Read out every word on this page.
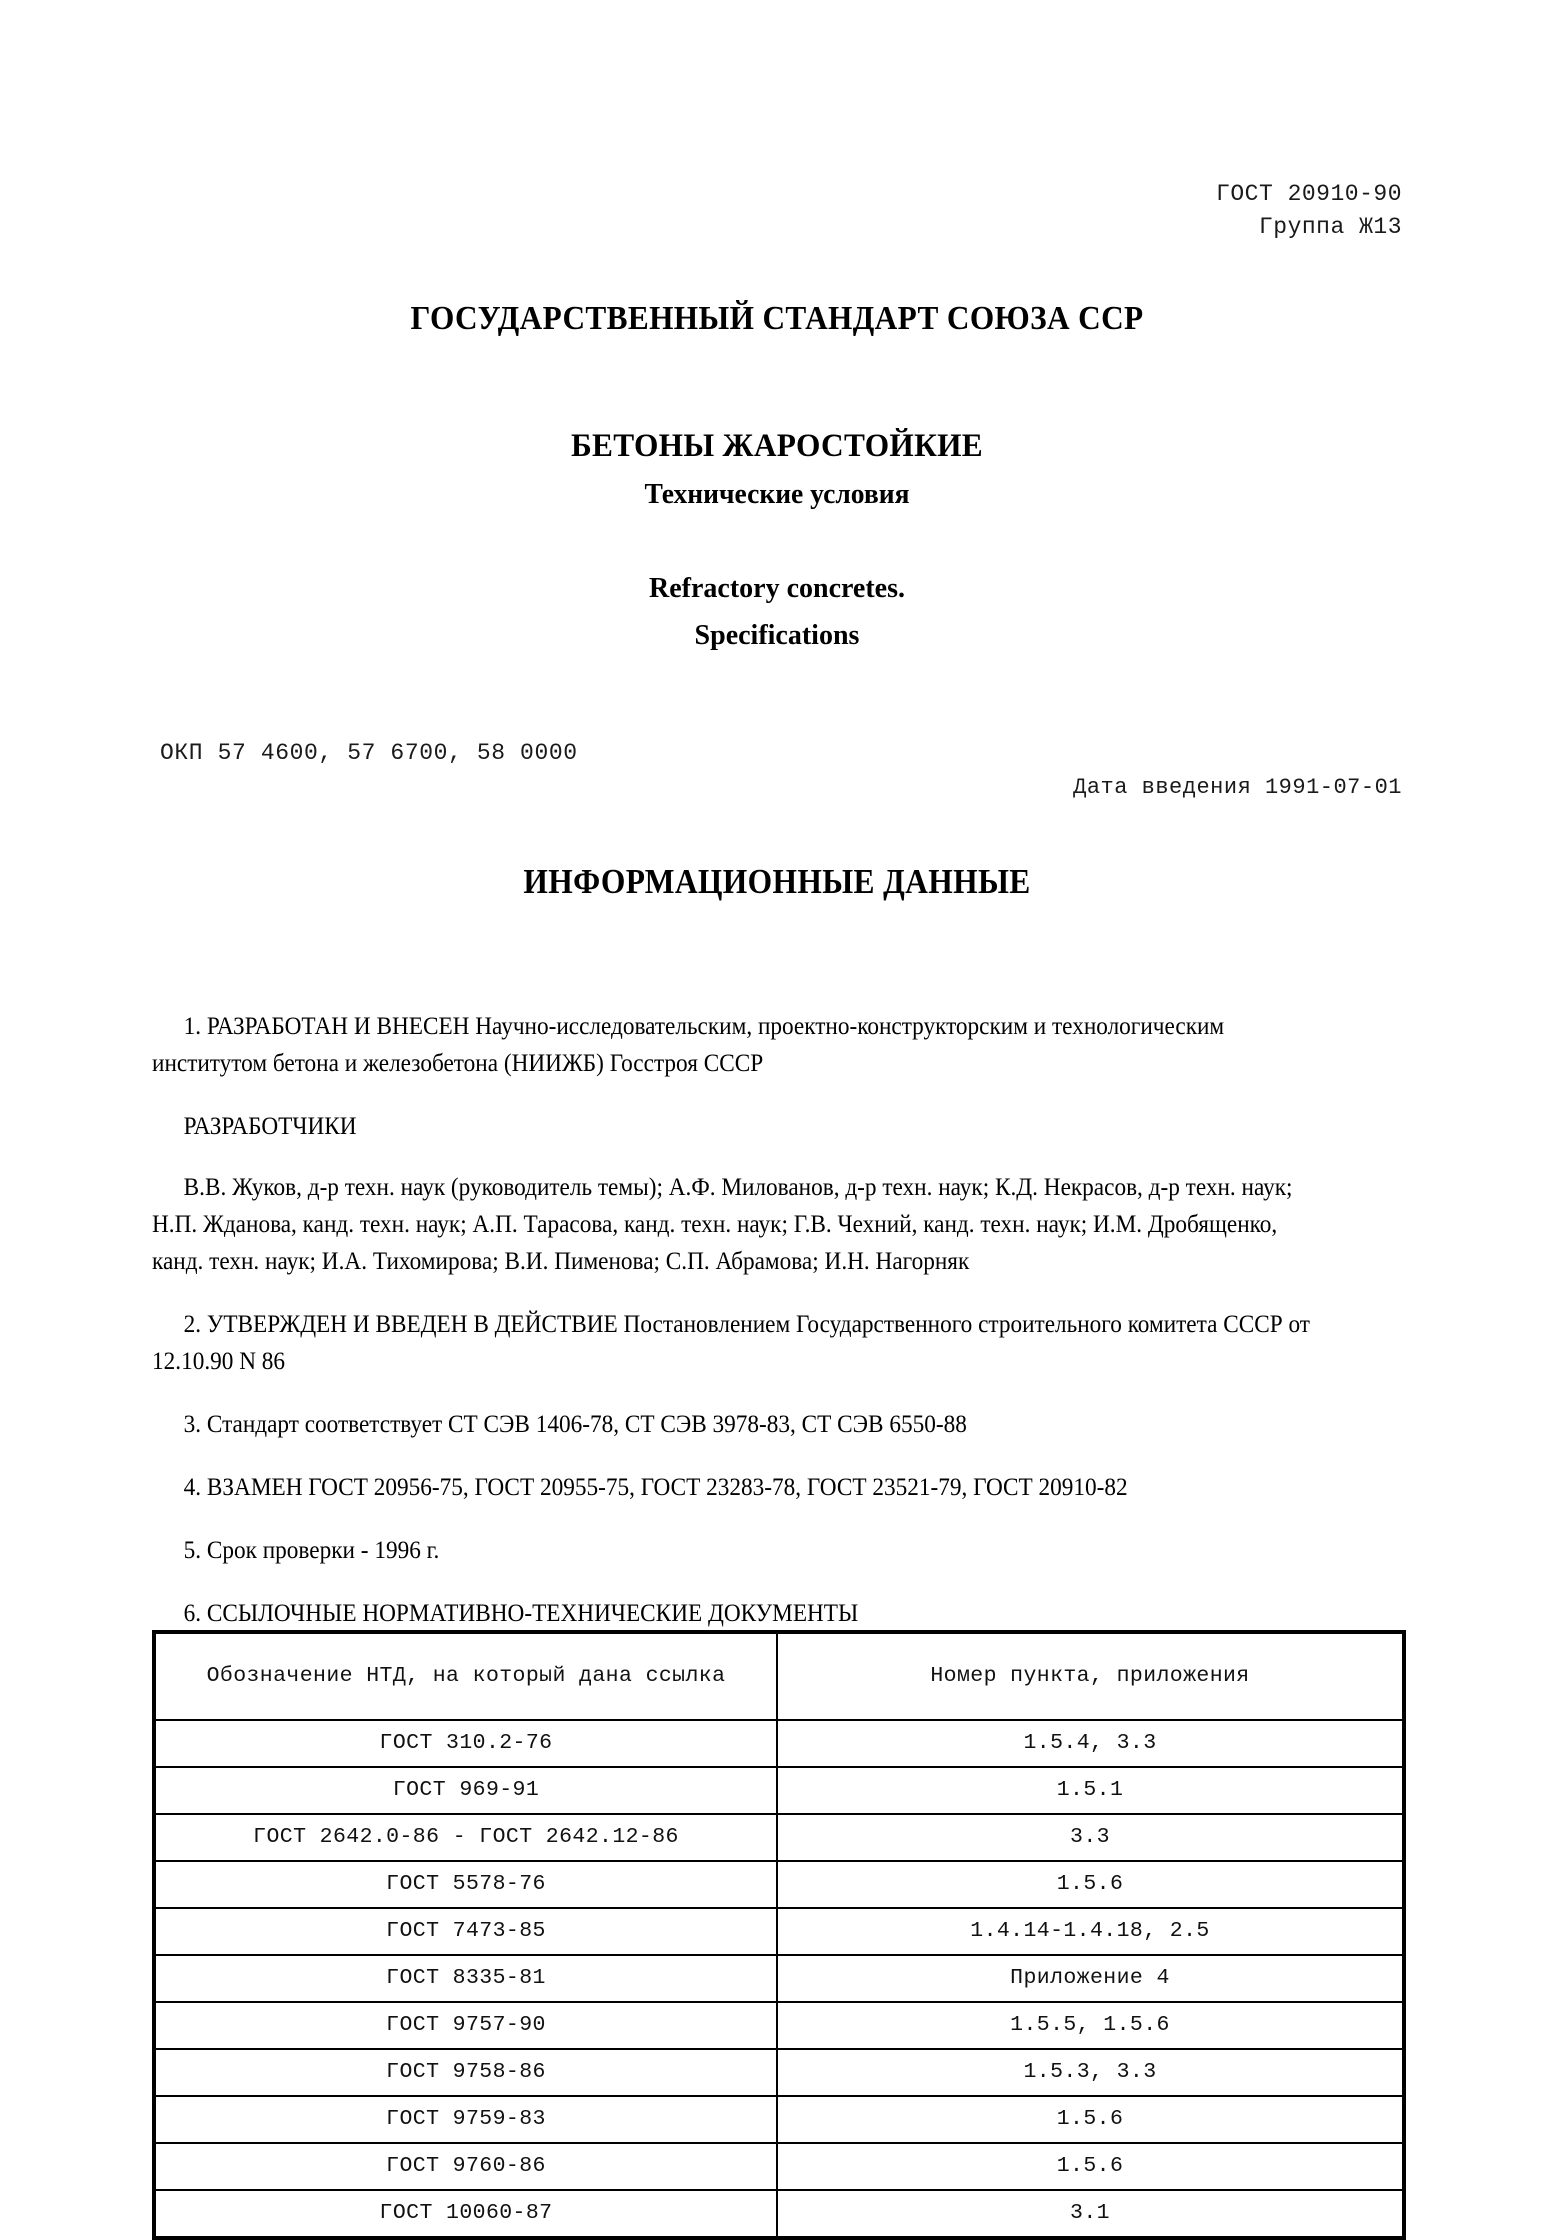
ГОСТ 20910-90
Группа Ж13
ГОСУДАРСТВЕННЫЙ СТАНДАРТ СОЮЗА ССР
БЕТОНЫ ЖАРОСТОЙКИЕ
Технические условия
Refractory concretes.
Specifications
ОКП 57 4600, 57 6700, 58 0000
Дата введения 1991-07-01
ИНФОРМАЦИОННЫЕ ДАННЫЕ

1. РАЗРАБОТАН И ВНЕСЕН Научно-исследовательским, проектно-конструкторским и технологическим институтом бетона и железобетона (НИИЖБ) Госстроя СССР

РАЗРАБОТЧИКИ

В.В. Жуков, д-р техн. наук (руководитель темы); А.Ф. Милованов, д-р техн. наук; К.Д. Некрасов, д-р техн. наук; Н.П. Жданова, канд. техн. наук; А.П. Тарасова, канд. техн. наук; Г.В. Чехний, канд. техн. наук; И.М. Дробященко, канд. техн. наук; И.А. Тихомирова; В.И. Пименова; С.П. Абрамова; И.Н. Нагорняк

2. УТВЕРЖДЕН И ВВЕДЕН В ДЕЙСТВИЕ Постановлением Государственного строительного комитета СССР от 12.10.90 N 86

3. Стандарт соответствует СТ СЭВ 1406-78, СТ СЭВ 3978-83, СТ СЭВ 6550-88

4. ВЗАМЕН ГОСТ 20956-75, ГОСТ 20955-75, ГОСТ 23283-78, ГОСТ 23521-79, ГОСТ 20910-82

5. Срок проверки - 1996 г.

6. ССЫЛОЧНЫЕ НОРМАТИВНО-ТЕХНИЧЕСКИЕ ДОКУМЕНТЫ

Обозначение НТД, на который дана ссылка	Номер пункта, приложения
ГОСТ 310.2-76	1.5.4, 3.3
ГОСТ 969-91	1.5.1
ГОСТ 2642.0-86 - ГОСТ 2642.12-86	3.3
ГОСТ 5578-76	1.5.6
ГОСТ 7473-85	1.4.14-1.4.18, 2.5
ГОСТ 8335-81	Приложение 4
ГОСТ 9757-90	1.5.5, 1.5.6
ГОСТ 9758-86	1.5.3, 3.3
ГОСТ 9759-83	1.5.6
ГОСТ 9760-86	1.5.6
ГОСТ 10060-87	3.1
